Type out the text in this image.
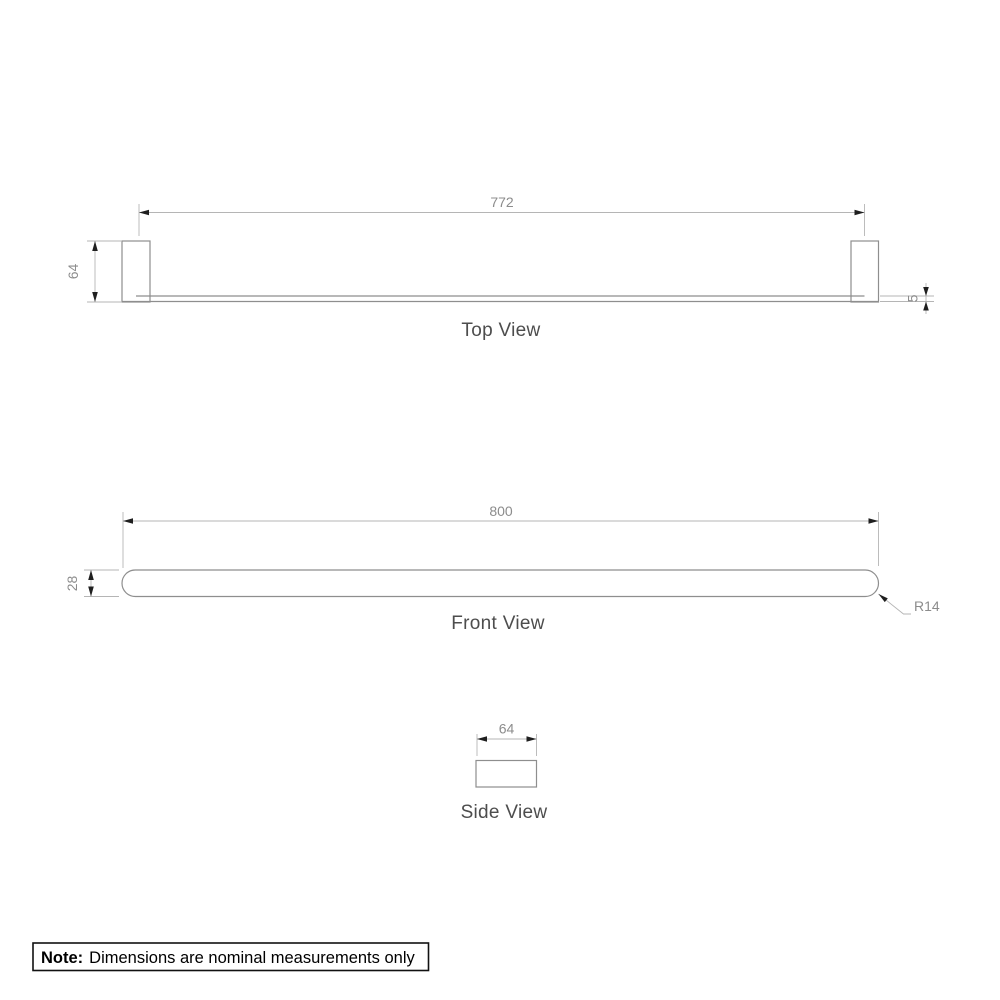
772
64
5
Top View
800
28
R14
Front View
64
Side View
Note: Dimensions are nominal measurements only
